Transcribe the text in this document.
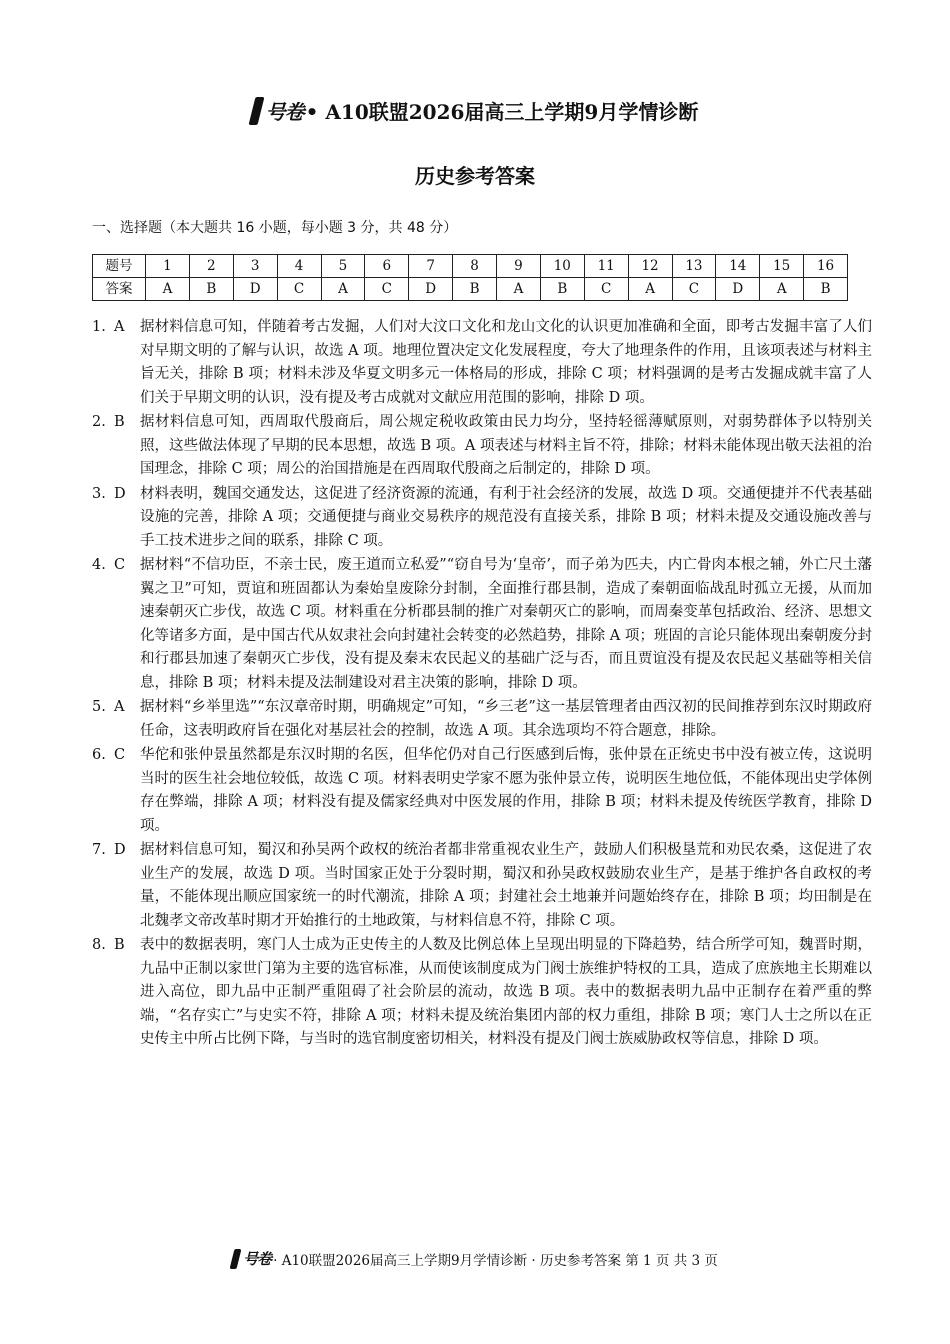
号卷 • A10联盟2026届高三上学期9月学情诊断
历史参考答案
一、选择题（本大题共 16 小题，每小题 3 分，共 48 分）
题号	1	2	3	4	5	6	7	8	9	10	11	12	13	14	15	16
答案	A	B	D	C	A	C	D	B	A	B	C	A	C	D	A	B
1. A	据材料信息可知，伴随着考古发掘，人们对大汶口文化和龙山文化的认识更加准确和全面，即考古发掘丰富了人们对早期文明的了解与认识，故选 A 项。地理位置决定文化发展程度，夸大了地理条件的作用，且该项表述与材料主旨无关，排除 B 项；材料未涉及华夏文明多元一体格局的形成，排除 C 项；材料强调的是考古发掘成就丰富了人们关于早期文明的认识，没有提及考古成就对文献应用范围的影响，排除 D 项。
2. B	据材料信息可知，西周取代殷商后，周公规定税收政策由民力均分，坚持轻徭薄赋原则，对弱势群体予以特别关照，这些做法体现了早期的民本思想，故选 B 项。A 项表述与材料主旨不符，排除；材料未能体现出敬天法祖的治国理念，排除 C 项；周公的治国措施是在西周取代殷商之后制定的，排除 D 项。
3. D 材料表明，魏国交通发达，这促进了经济资源的流通，有利于社会经济的发展，故选 D 项。交通便捷并不代表基础设施的完善，排除 A 项；交通便捷与商业交易秩序的规范没有直接关系，排除 B 项；材料未提及交通设施改善与手工技术进步之间的联系，排除 C 项。
4. C	据材料“不信功臣，不亲士民，废王道而立私爱”“窃自号为‘皇帝’，而子弟为匹夫，内亡骨肉本根之辅，外亡尺土藩翼之卫”可知，贾谊和班固都认为秦始皇废除分封制，全面推行郡县制，造成了秦朝面临战乱时孤立无援，从而加速秦朝灭亡步伐，故选 C 项。材料重在分析郡县制的推广对秦朝灭亡的影响，而周秦变革包括政治、经济、思想文化等诸多方面，是中国古代从奴隶社会向封建社会转变的必然趋势，排除 A 项；班固的言论只能体现出秦朝废分封和行郡县加速了秦朝灭亡步伐，没有提及秦末农民起义的基础广泛与否，而且贾谊没有提及农民起义基础等相关信息，排除 B 项；材料未提及法制建设对君主决策的影响，排除 D 项。
5. A	据材料“乡举里选”“东汉章帝时期，明确规定”可知，“乡三老”这一基层管理者由西汉初的民间推荐到东汉时期政府任命，这表明政府旨在强化对基层社会的控制，故选 A 项。其余选项均不符合题意，排除。
6. C	华佗和张仲景虽然都是东汉时期的名医，但华佗仍对自己行医感到后悔，张仲景在正统史书中没有被立传，这说明当时的医生社会地位较低，故选 C 项。材料表明史学家不愿为张仲景立传，说明医生地位低，不能体现出史学体例存在弊端，排除 A 项；材料没有提及儒家经典对中医发展的作用，排除 B 项；材料未提及传统医学教育，排除 D 项。
7. D 据材料信息可知，蜀汉和孙吴两个政权的统治者都非常重视农业生产，鼓励人们积极垦荒和劝民农桑，这促进了农业生产的发展，故选 D 项。当时国家正处于分裂时期，蜀汉和孙吴政权鼓励农业生产，是基于维护各自政权的考量，不能体现出顺应国家统一的时代潮流，排除 A 项；封建社会土地兼并问题始终存在，排除 B 项；均田制是在北魏孝文帝改革时期才开始推行的土地政策，与材料信息不符，排除 C 项。
8. B	表中的数据表明，寒门人士成为正史传主的人数及比例总体上呈现出明显的下降趋势，结合所学可知，魏晋时期，九品中正制以家世门第为主要的选官标准，从而使该制度成为门阀士族维护特权的工具，造成了庶族地主长期难以进入高位，即九品中正制严重阻碍了社会阶层的流动，故选 B 项。表中的数据表明九品中正制存在着严重的弊端，“名存实亡”与史实不符，排除 A 项；材料未提及统治集团内部的权力重组，排除 B 项；寒门人士之所以在正史传主中所占比例下降，与当时的选官制度密切相关，材料没有提及门阀士族威胁政权等信息，排除 D 项。
号卷 · A10联盟2026届高三上学期9月学情诊断 · 历史参考答案 第 1 页 共 3 页
